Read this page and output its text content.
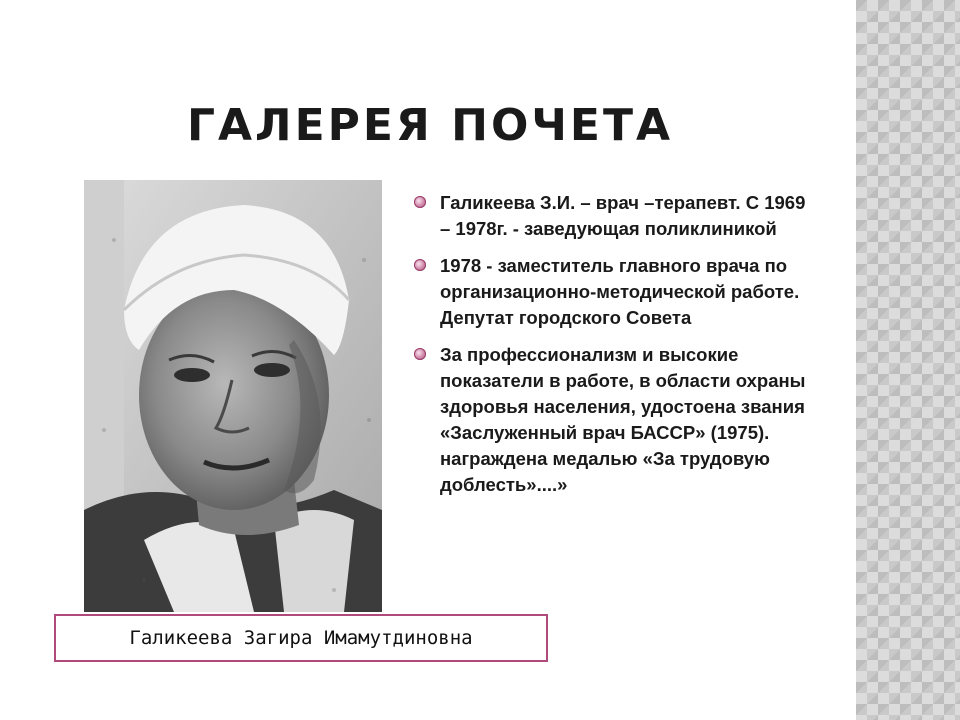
ГАЛЕРЕЯ ПОЧЕТА
Галикеева З.И. – врач –терапевт. С 1969 – 1978г. - заведующая поликлиникой
1978 - заместитель главного врача по организационно-методической работе. Депутат городского Совета
За профессионализм и высокие показатели в работе, в области охраны здоровья населения, удостоена звания «Заслуженный врач БАССР» (1975). награждена медалью «За трудовую доблесть»....»
Галикеева Загира Имамутдиновна
